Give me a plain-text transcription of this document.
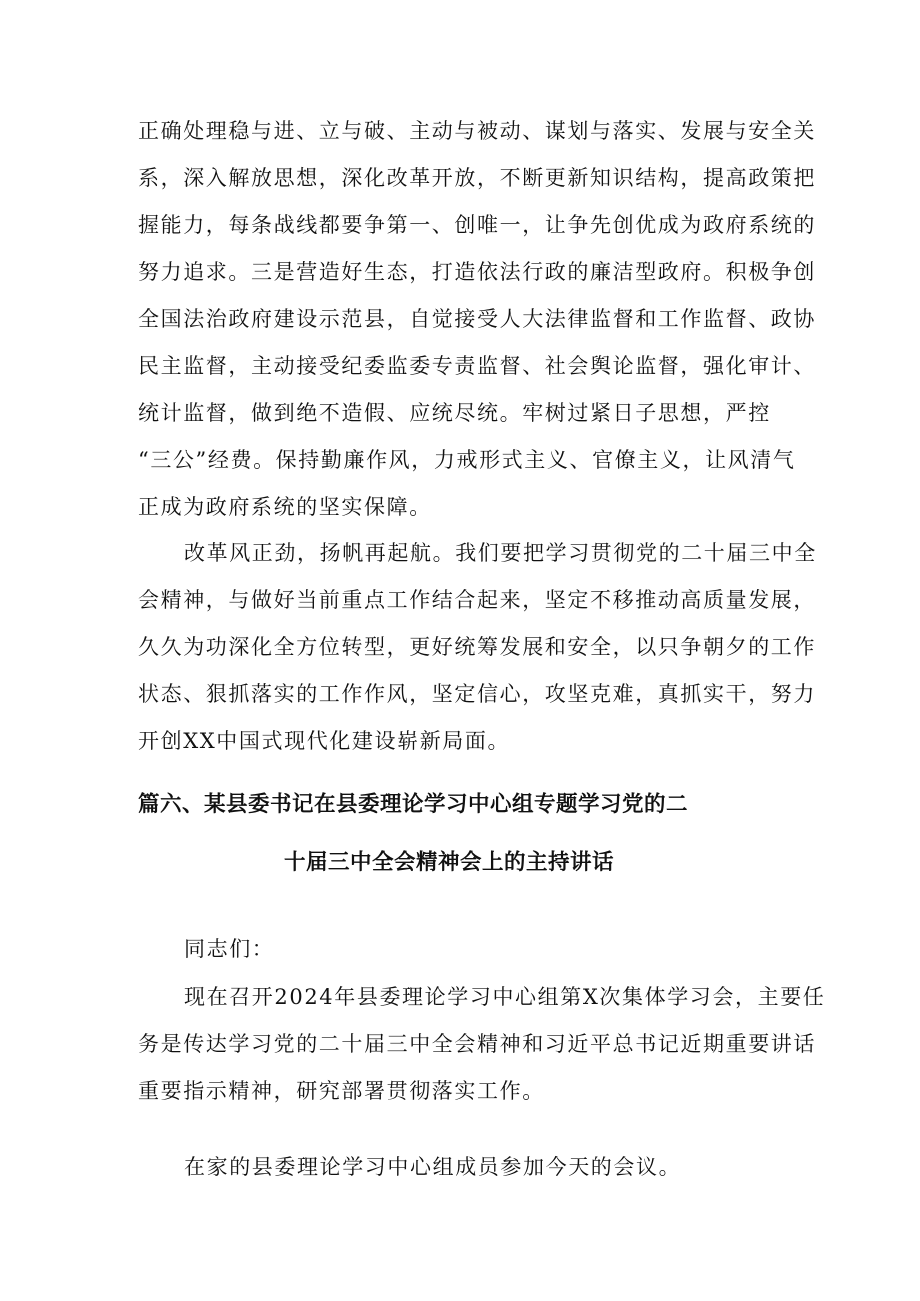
正确处理稳与进、立与破、主动与被动、谋划与落实、发展与安全关

系，深入解放思想，深化改革开放，不断更新知识结构，提高政策把

握能力，每条战线都要争第一、创唯一，让争先创优成为政府系统的

努力追求。三是营造好生态，打造依法行政的廉洁型政府。积极争创

全国法治政府建设示范县，自觉接受人大法律监督和工作监督、政协

民主监督，主动接受纪委监委专责监督、社会舆论监督，强化审计、

统计监督，做到绝不造假、应统尽统。牢树过紧日子思想，严控

“三公”经费。保持勤廉作风，力戒形式主义、官僚主义，让风清气

正成为政府系统的坚实保障。

改革风正劲，扬帆再起航。我们要把学习贯彻党的二十届三中全

会精神，与做好当前重点工作结合起来，坚定不移推动高质量发展，

久久为功深化全方位转型，更好统筹发展和安全，以只争朝夕的工作

状态、狠抓落实的工作作风，坚定信心，攻坚克难，真抓实干，努力

开创XX中国式现代化建设崭新局面。

篇六、某县委书记在县委理论学习中心组专题学习党的二
十届三中全会精神会上的主持讲话

同志们：

现在召开2024年县委理论学习中心组第X次集体学习会，主要任

务是传达学习党的二十届三中全会精神和习近平总书记近期重要讲话

重要指示精神，研究部署贯彻落实工作。

在家的县委理论学习中心组成员参加今天的会议。
